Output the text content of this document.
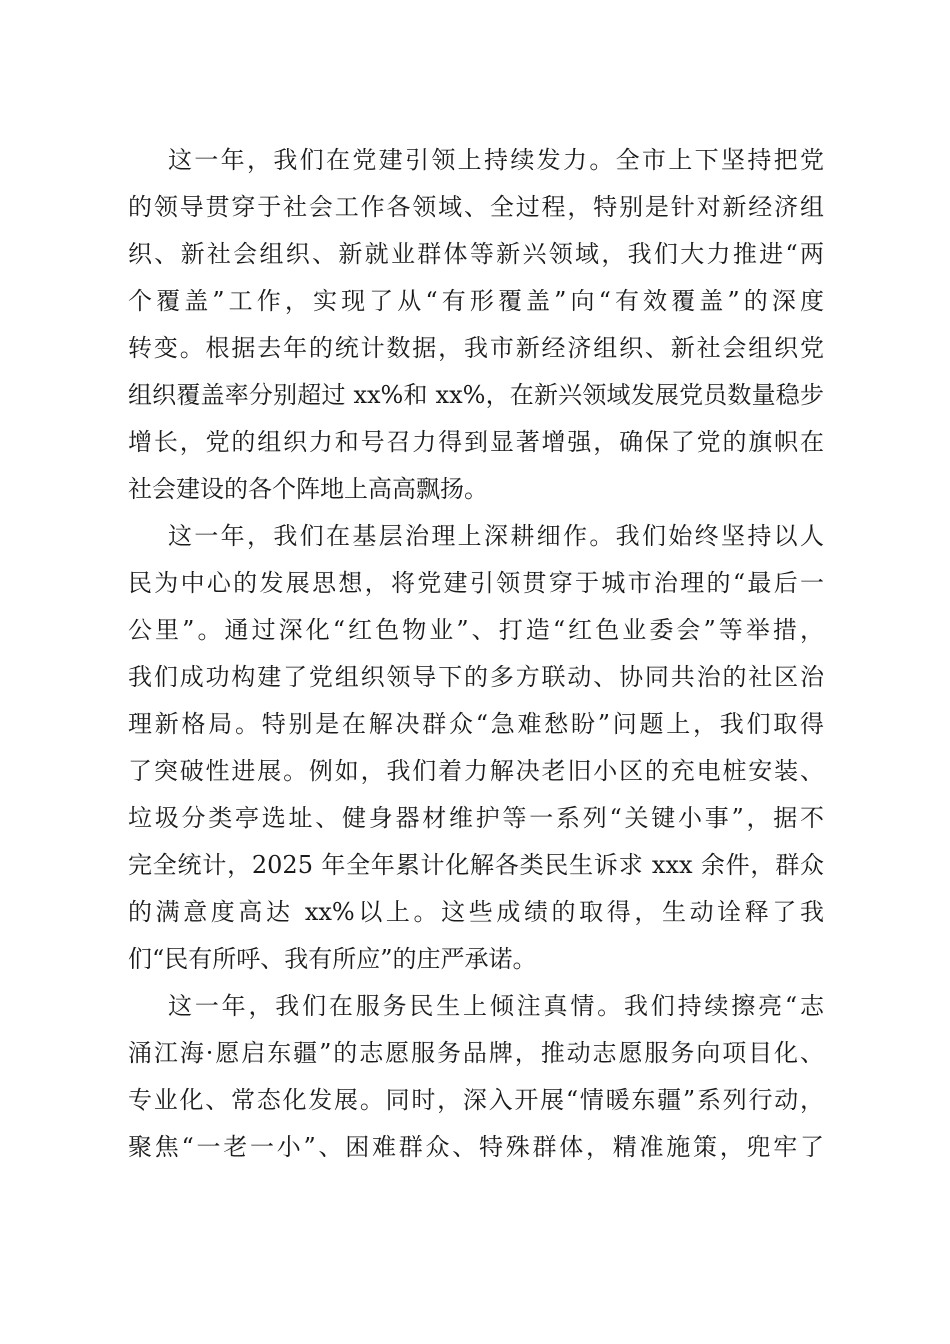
这一年，我们在党建引领上持续发力。全市上下坚持把党
的领导贯穿于社会工作各领域、全过程，特别是针对新经济组
织、新社会组织、新就业群体等新兴领域，我们大力推进“两
个覆盖”工作，实现了从“有形覆盖”向“有效覆盖”的深度
转变。根据去年的统计数据，我市新经济组织、新社会组织党
组织覆盖率分别超过 xx%和 xx%，在新兴领域发展党员数量稳步
增长，党的组织力和号召力得到显著增强，确保了党的旗帜在
社会建设的各个阵地上高高飘扬。

这一年，我们在基层治理上深耕细作。我们始终坚持以人
民为中心的发展思想，将党建引领贯穿于城市治理的“最后一
公里”。通过深化“红色物业”、打造“红色业委会”等举措，
我们成功构建了党组织领导下的多方联动、协同共治的社区治
理新格局。特别是在解决群众“急难愁盼”问题上，我们取得
了突破性进展。例如，我们着力解决老旧小区的充电桩安装、
垃圾分类亭选址、健身器材维护等一系列“关键小事”，据不
完全统计，2025 年全年累计化解各类民生诉求 xxx 余件，群众
的满意度高达 xx%以上。这些成绩的取得，生动诠释了我
们“民有所呼、我有所应”的庄严承诺。

这一年，我们在服务民生上倾注真情。我们持续擦亮“志
涌江海·愿启东疆”的志愿服务品牌，推动志愿服务向项目化、
专业化、常态化发展。同时，深入开展“情暖东疆”系列行动，
聚焦“一老一小”、困难群众、特殊群体，精准施策，兜牢了
